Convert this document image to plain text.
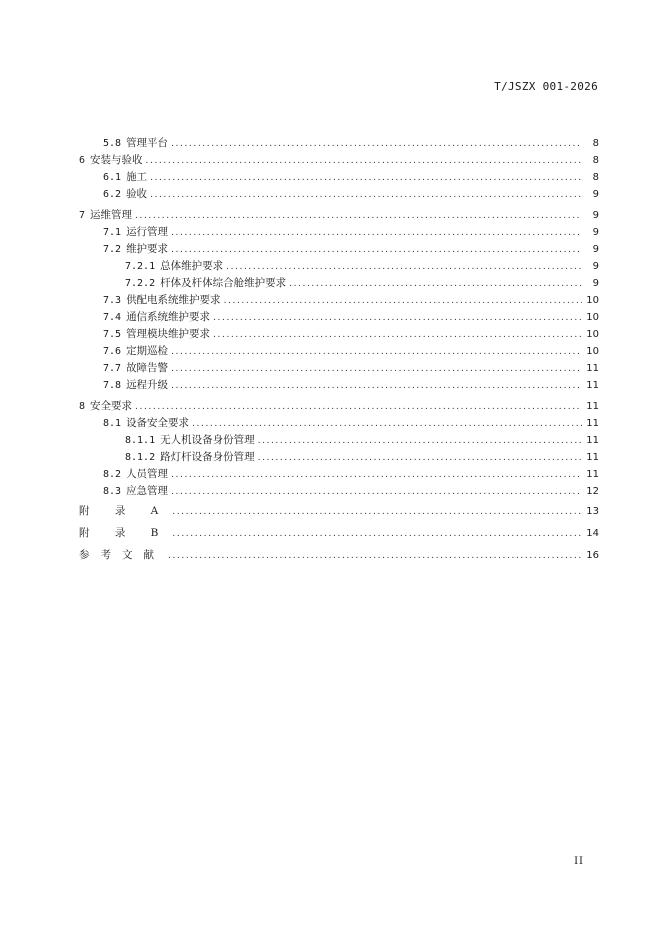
T/JSZX 001-2026
5.8 管理平台 .....	8
6 安装与验收 .....	8
6.1 施工 .....	8
6.2 验收 .....	9
7 运维管理 .....	9
7.1 运行管理 .....	9
7.2 维护要求 .....	9
7.2.1 总体维护要求 .....	9
7.2.2 杆体及杆体综合舱维护要求 .....	9
7.3 供配电系统维护要求 .....	10
7.4 通信系统维护要求 .....	10
7.5 管理模块维护要求 .....	10
7.6 定期巡检 .....	10
7.7 故障告警 .....	11
7.8 远程升级 .....	11
8 安全要求 .....	11
8.1 设备安全要求 .....	11
8.1.1 无人机设备身份管理 .....	11
8.1.2 路灯杆设备身份管理 .....	11
8.2 人员管理 .....	11
8.3 应急管理 .....	12
附 录 A .....	13
附 录 B .....	14
参考文献 .....	16
II
